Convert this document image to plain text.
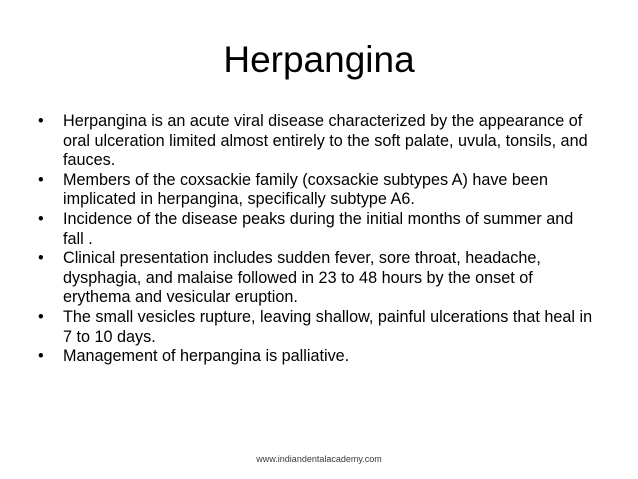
Herpangina
•	Herpangina is an acute viral disease characterized by the appearance of oral ulceration limited almost entirely to the soft palate, uvula, tonsils, and fauces.
•	Members of the coxsackie family (coxsackie subtypes A) have been implicated in herpangina, specifically subtype A6.
•	Incidence of the disease peaks during the initial months of summer and fall .
•	Clinical presentation includes sudden fever, sore throat, headache, dysphagia, and malaise followed in 23 to 48 hours by the onset of erythema and vesicular eruption.
•	The small vesicles rupture, leaving shallow, painful ulcerations that heal in 7 to 10 days.
•	Management of herpangina is palliative.
www.indiandentalacademy.com
